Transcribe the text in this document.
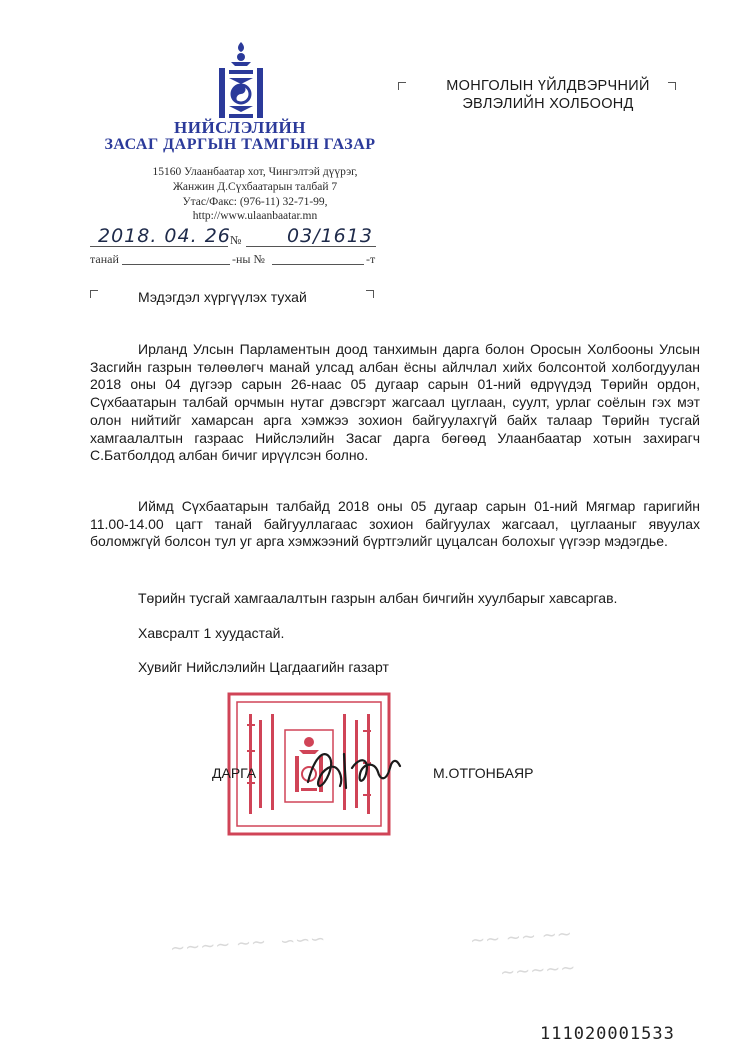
НИЙСЛЭЛИЙН
ЗАСАГ ДАРГЫН ТАМГЫН ГАЗАР
15160 Улаанбаатар хот, Чингэлтэй дүүрэг,
Жанжин Д.Сүхбаатарын талбай 7
Утас/Факс: (976-11) 32-71-99,
http://www.ulaanbaatar.mn
2018. 04. 26 № 03/1613
танай	-ны №	-т
МОНГОЛЫН ҮЙЛДВЭРЧНИЙ
ЭВЛЭЛИЙН ХОЛБООНД
Мэдэгдэл хүргүүлэх тухай
Ирланд Улсын Парламентын доод танхимын дарга болон Оросын Холбооны Улсын Засгийн газрын төлөөлөгч манай улсад албан ёсны айлчлал хийх болсонтой холбогдуулан 2018 оны 04 дүгээр сарын 26-наас 05 дугаар сарын 01-ний өдрүүдэд Төрийн ордон, Сүхбаатарын талбай орчмын нутаг дэвсгэрт жагсаал цуглаан, суулт, урлаг соёлын гэх мэт олон нийтийг хамарсан арга хэмжээ зохион байгуулахгүй байх талаар Төрийн тусгай хамгаалалтын газраас Нийслэлийн Засаг дарга бөгөөд Улаанбаатар хотын захирагч С.Батболдод албан бичиг ирүүлсэн болно.
Иймд Сүхбаатарын талбайд 2018 оны 05 дугаар сарын 01-ний Мягмар гаригийн 11.00-14.00 цагт танай байгууллагаас зохион байгуулах жагсаал, цуглааныг явуулах боломжгүй болсон тул уг арга хэмжээний бүртгэлийг цуцалсан болохыг үүгээр мэдэгдье.
Төрийн тусгай хамгаалалтын газрын албан бичгийн хуулбарыг хавсаргав.
Хавсралт 1 хуудастай.
Хувийг Нийслэлийн Цагдаагийн газарт
ДАРГА	М.ОТГОНБАЯР
~~~~ ~~ ∽∽∽	~~ ~~ ~~
~~~~~
11102000153З
